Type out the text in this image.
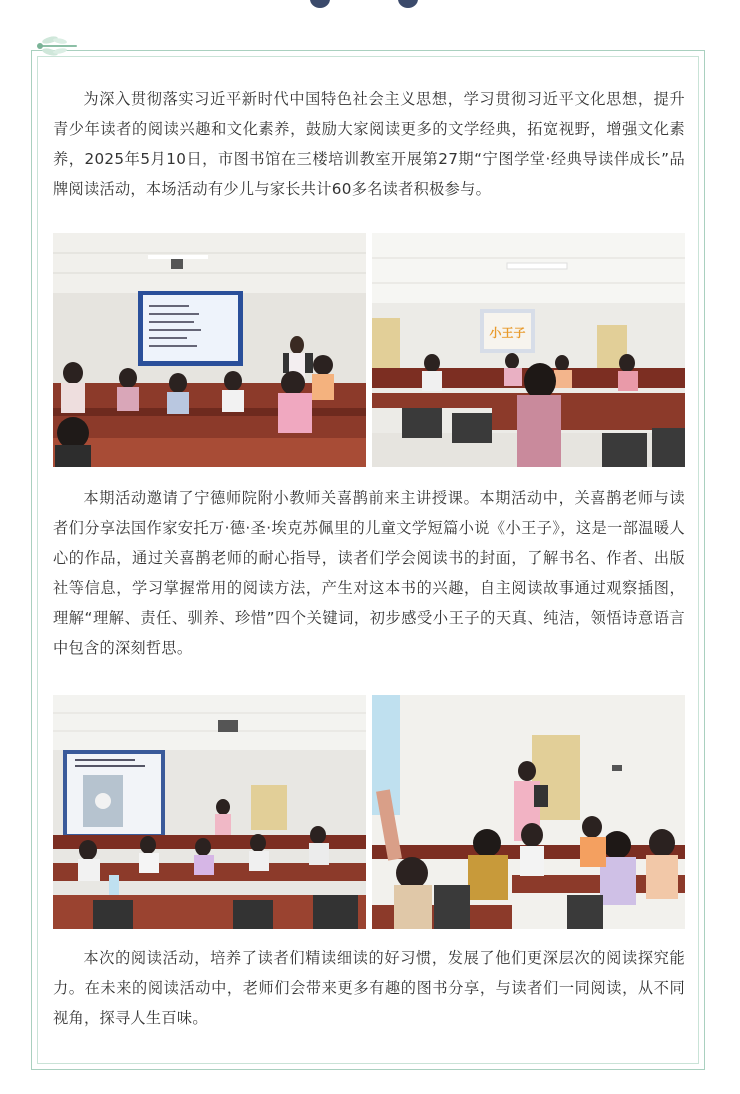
为深入贯彻落实习近平新时代中国特色社会主义思想，学习贯彻习近平文化思想，提升青少年读者的阅读兴趣和文化素养，鼓励大家阅读更多的文学经典，拓宽视野，增强文化素养，2025年5月10日，市图书馆在三楼培训教室开展第27期“宁图学堂·经典导读伴成长”品牌阅读活动，本场活动有少儿与家长共计60多名读者积极参与。

小王子

本期活动邀请了宁德师院附小教师关喜鹊前来主讲授课。本期活动中，关喜鹊老师与读者们分享法国作家安托万·德·圣·埃克苏佩里的儿童文学短篇小说《小王子》，这是一部温暖人心的作品，通过关喜鹊老师的耐心指导，读者们学会阅读书的封面，了解书名、作者、出版社等信息，学习掌握常用的阅读方法，产生对这本书的兴趣，自主阅读故事通过观察插图，理解“理解、责任、驯养、珍惜”四个关键词，初步感受小王子的天真、纯洁，领悟诗意语言中包含的深刻哲思。

本次的阅读活动，培养了读者们精读细读的好习惯，发展了他们更深层次的阅读探究能力。在未来的阅读活动中，老师们会带来更多有趣的图书分享，与读者们一同阅读，从不同视角，探寻人生百味。
